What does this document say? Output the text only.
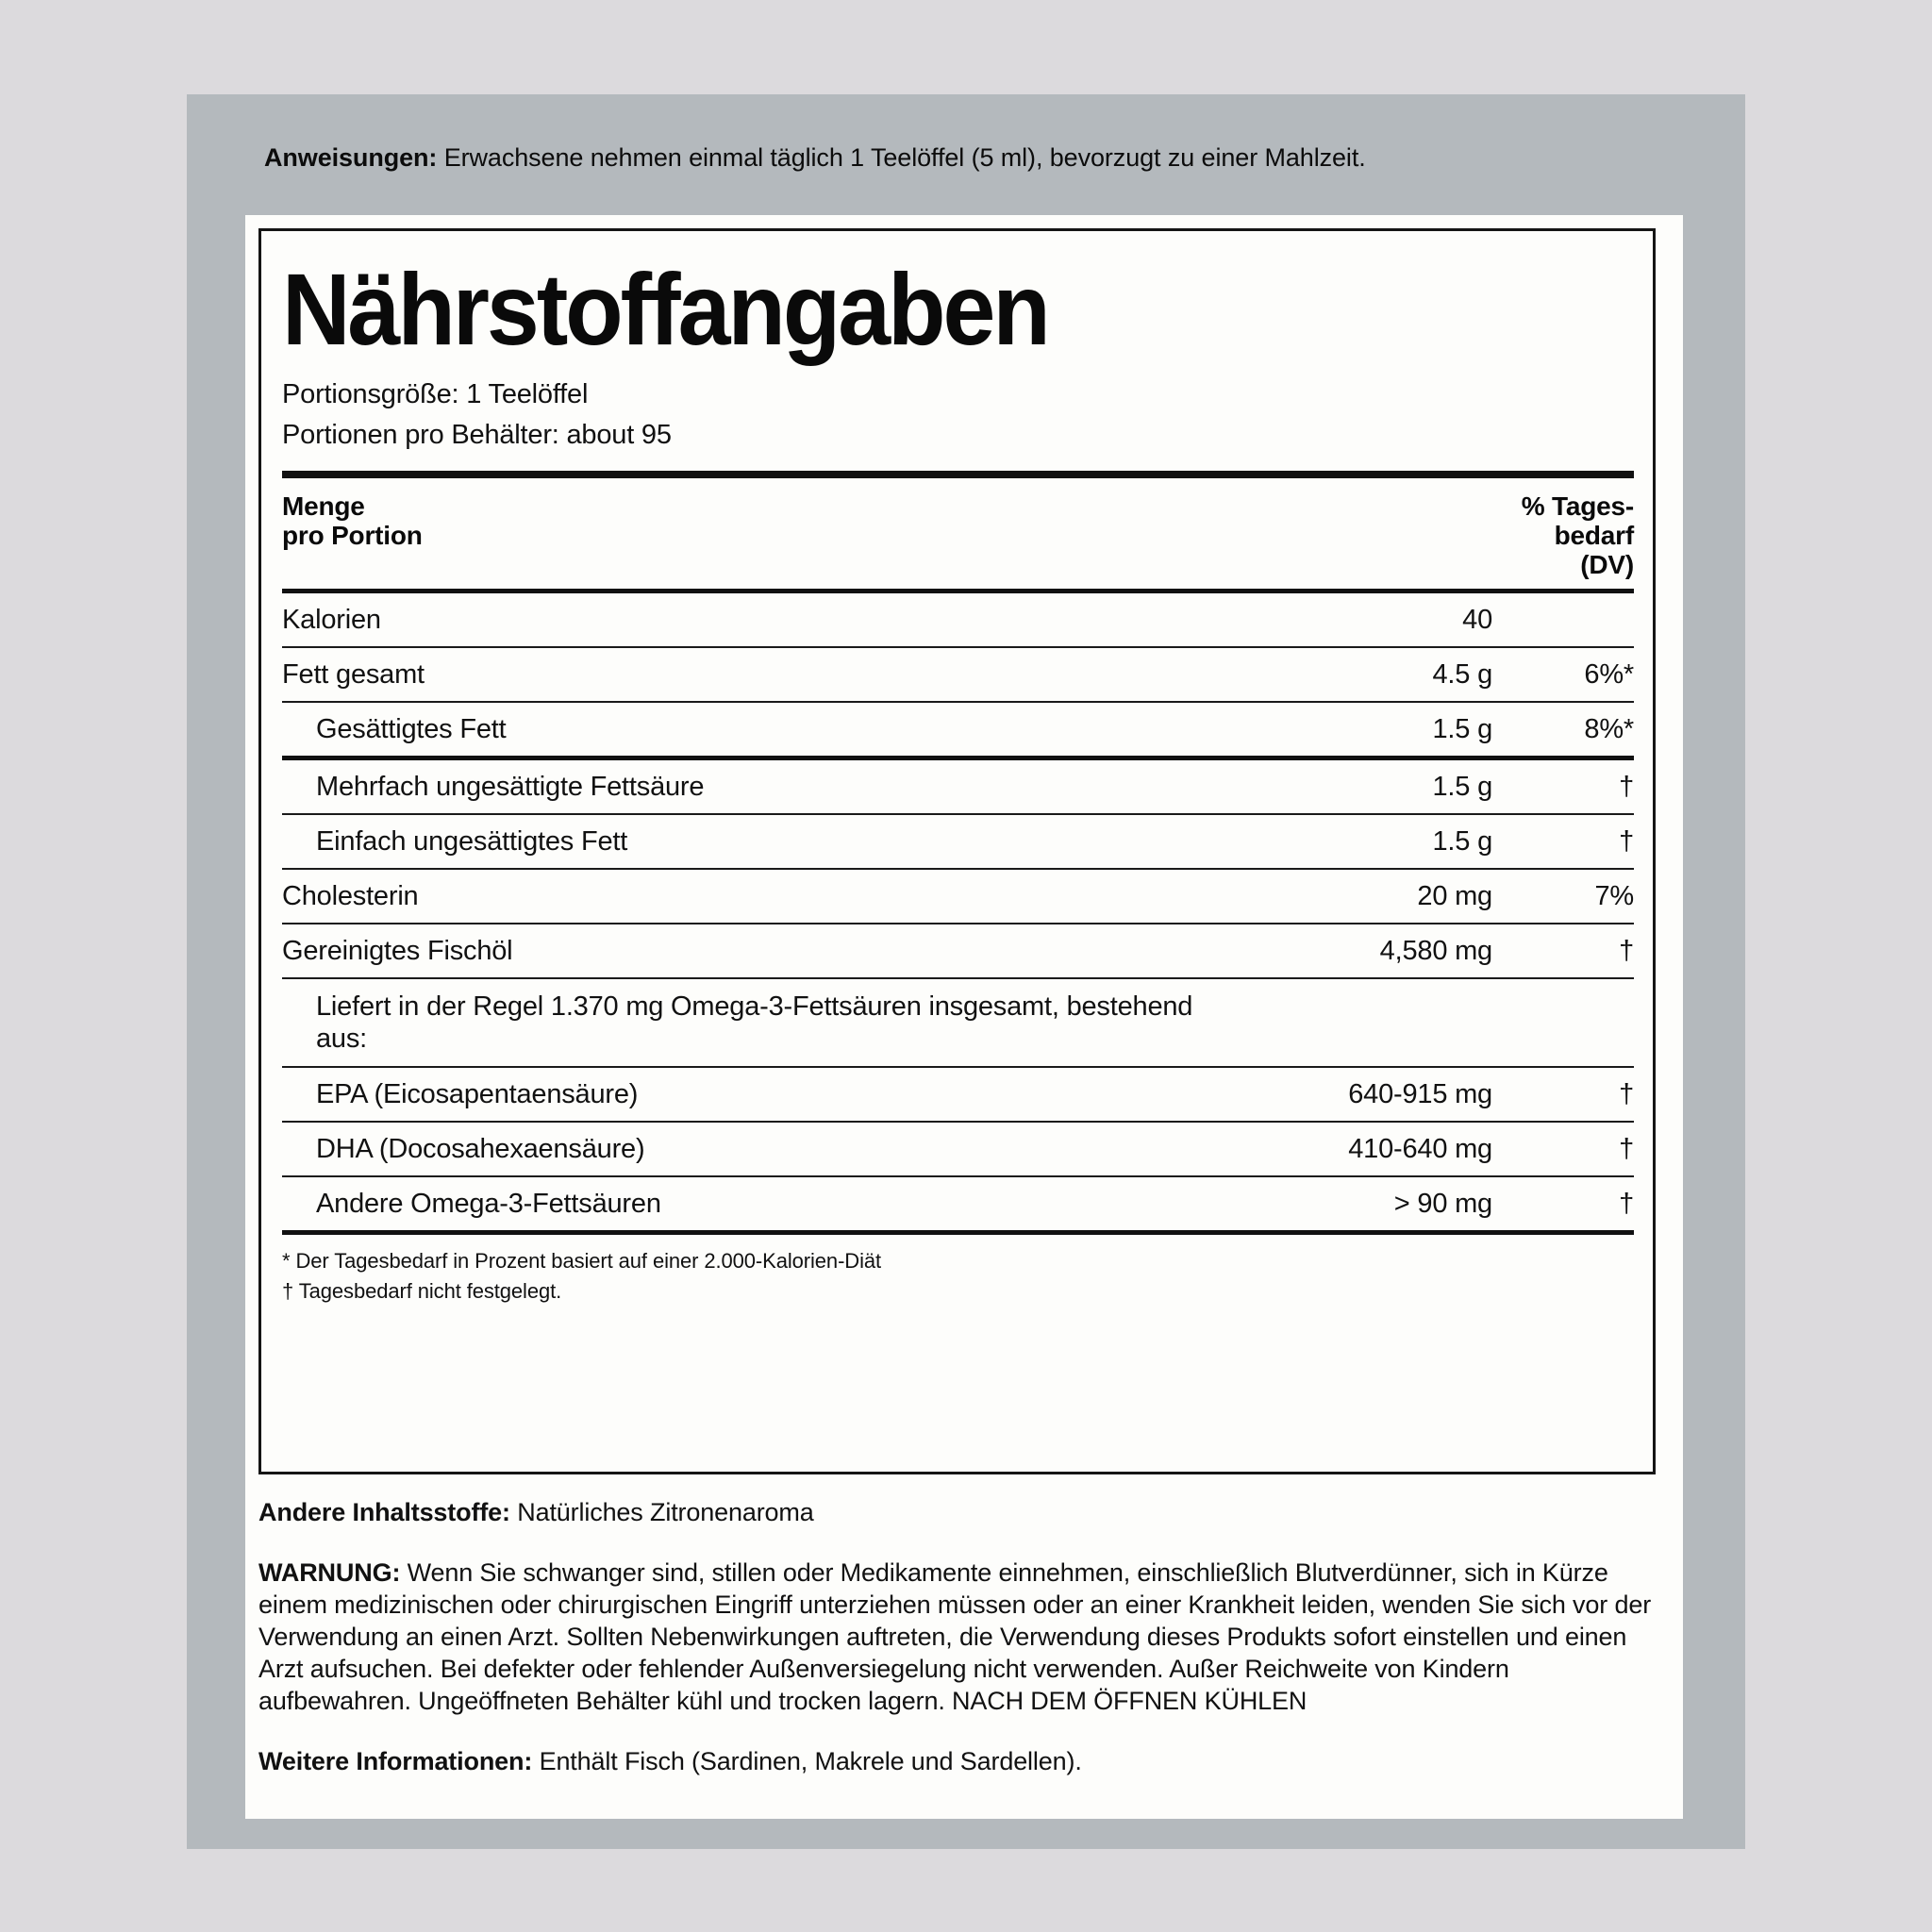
Anweisungen: Erwachsene nehmen einmal täglich 1 Teelöffel (5 ml), bevorzugt zu einer Mahlzeit.
Nährstoffangaben
Portionsgröße: 1 Teelöffel
Portionen pro Behälter: about 95
Menge
pro Portion
% Tages-
bedarf
(DV)
Kalorien	40
Fett gesamt	4.5 g	6%*
Gesättigtes Fett	1.5 g	8%*
Mehrfach ungesättigte Fettsäure	1.5 g	†
Einfach ungesättigtes Fett	1.5 g	†
Cholesterin	20 mg	7%
Gereinigtes Fischöl	4,580 mg	†
Liefert in der Regel 1.370 mg Omega-3-Fettsäuren insgesamt, bestehend aus:
EPA (Eicosapentaensäure)	640-915 mg	†
DHA (Docosahexaensäure)	410-640 mg	†
Andere Omega-3-Fettsäuren	> 90 mg	†
* Der Tagesbedarf in Prozent basiert auf einer 2.000-Kalorien-Diät
† Tagesbedarf nicht festgelegt.
Andere Inhaltsstoffe: Natürliches Zitronenaroma
WARNUNG: Wenn Sie schwanger sind, stillen oder Medikamente einnehmen, einschließlich Blutverdünner, sich in Kürze einem medizinischen oder chirurgischen Eingriff unterziehen müssen oder an einer Krankheit leiden, wenden Sie sich vor der Verwendung an einen Arzt. Sollten Nebenwirkungen auftreten, die Verwendung dieses Produkts sofort einstellen und einen Arzt aufsuchen. Bei defekter oder fehlender Außenversiegelung nicht verwenden. Außer Reichweite von Kindern aufbewahren. Ungeöffneten Behälter kühl und trocken lagern. NACH DEM ÖFFNEN KÜHLEN
Weitere Informationen: Enthält Fisch (Sardinen, Makrele und Sardellen).
